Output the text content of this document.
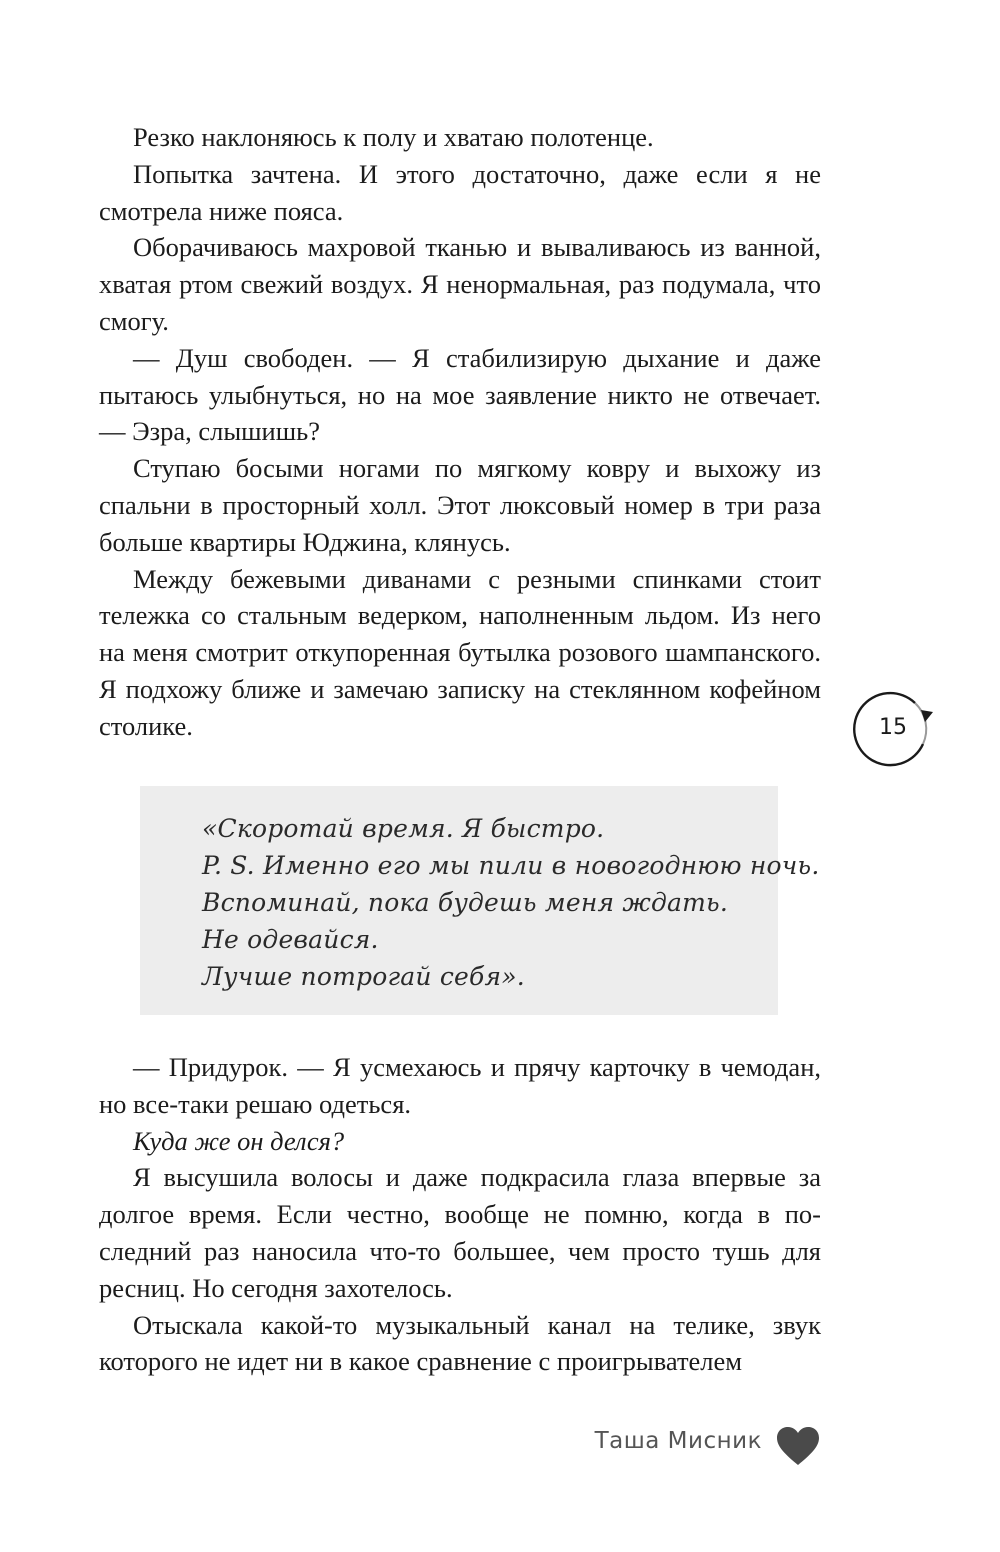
Резко наклоняюсь к полу и хватаю полотенце.

Попытка зачтена. И этого достаточно, даже если я не смотрела ниже пояса.

Оборачиваюсь махровой тканью и вываливаюсь из ванной, хватая ртом свежий воздух. Я ненормальная, раз подумала, что смогу.

— Душ свободен. — Я стабилизирую дыхание и даже пытаюсь улыбнуться, но на мое заявление никто не отвечает. — Эзра, слышишь?

Ступаю босыми ногами по мягкому ковру и выхожу из спальни в просторный холл. Этот люксовый номер в три раза больше квартиры Юджина, клянусь.

Между бежевыми диванами с резными спинками стоит тележка со стальным ведерком, наполненным льдом. Из него на меня смотрит откупоренная бутылка розового шампанского. Я подхожу ближе и замечаю записку на стеклянном кофейном столике.	15
«Скоротай время. Я быстро.
P. S. Именно его мы пили в новогоднюю ночь.
Вспоминай, пока будешь меня ждать.
Не одевайся.
Лучше потрогай себя».

— Придурок. — Я усмехаюсь и прячу карточку в чемодан, но все-таки решаю одеться.

Куда же он делся?

Я высушила волосы и даже подкрасила глаза впервые за долгое время. Если честно, вообще не помню, когда в последний раз наносила что-то большее, чем просто тушь для ресниц. Но сегодня захотелось.

Отыскала какой-то музыкальный канал на телике, звук которого не идет ни в какое сравнение с проигрывателем

Таша Мисник
